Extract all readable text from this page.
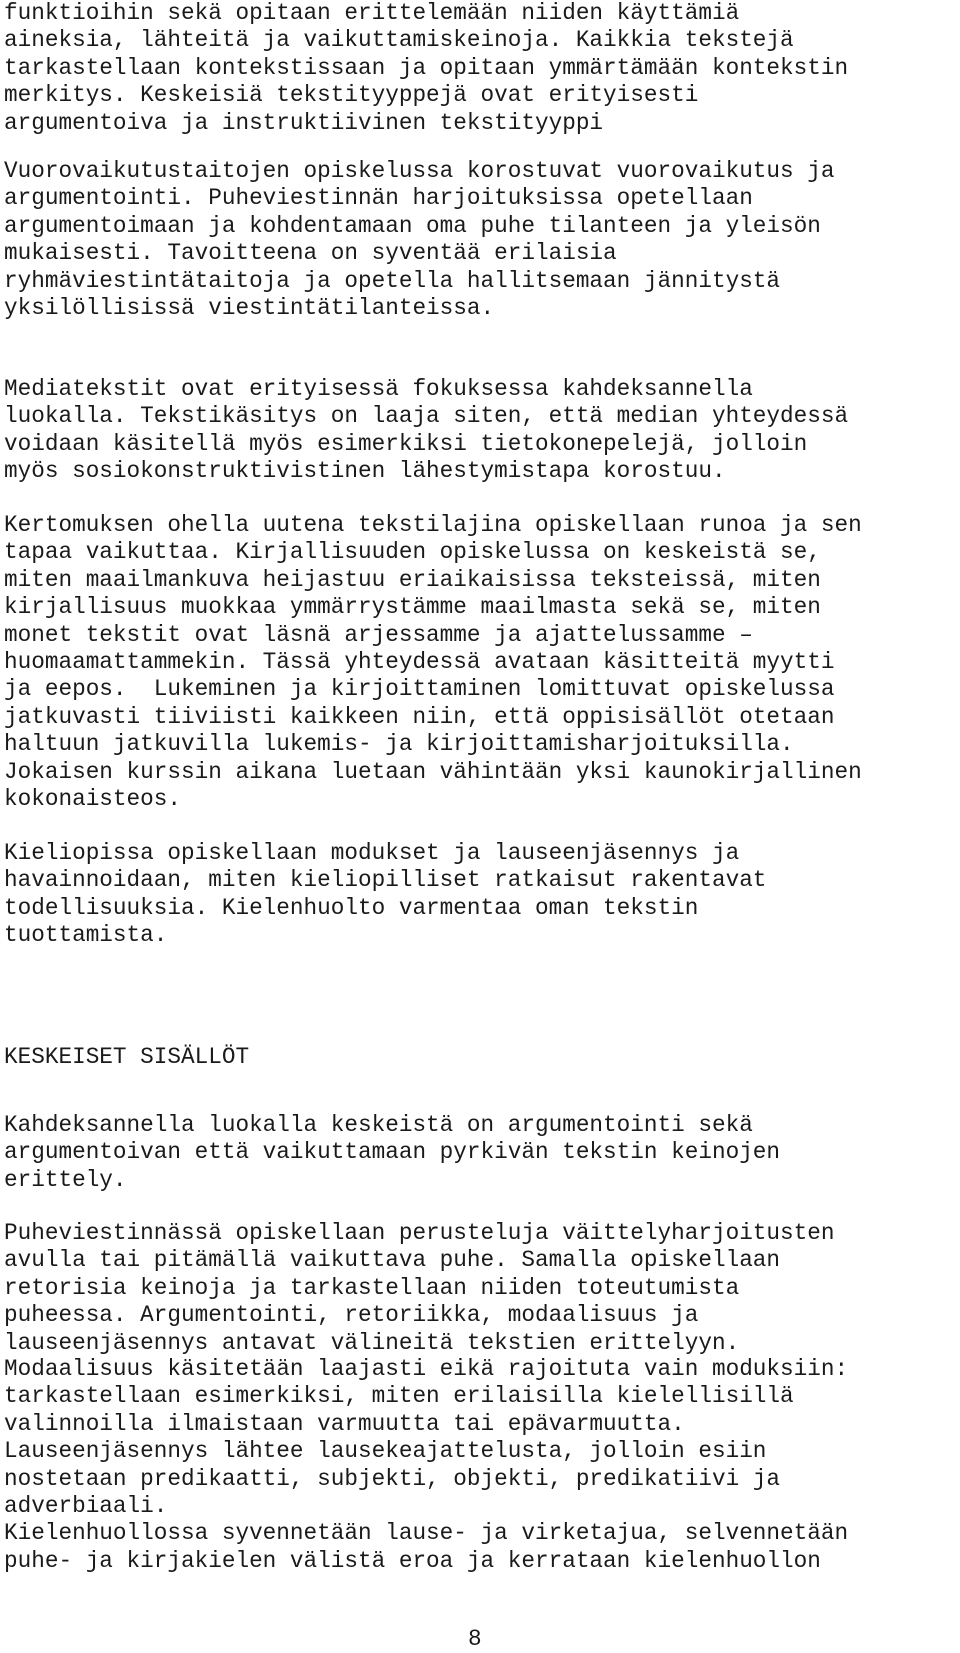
funktioihin sekä opitaan erittelemään niiden käyttämiä
aineksia, lähteitä ja vaikuttamiskeinoja. Kaikkia tekstejä
tarkastellaan kontekstissaan ja opitaan ymmärtämään kontekstin
merkitys. Keskeisiä tekstityyppejä ovat erityisesti
argumentoiva ja instruktiivinen tekstityyppi

Vuorovaikutustaitojen opiskelussa korostuvat vuorovaikutus ja
argumentointi. Puheviestinnän harjoituksissa opetellaan
argumentoimaan ja kohdentamaan oma puhe tilanteen ja yleisön
mukaisesti. Tavoitteena on syventää erilaisia
ryhmäviestintätaitoja ja opetella hallitsemaan jännitystä
yksilöllisissä viestintätilanteissa.

Mediatekstit ovat erityisessä fokuksessa kahdeksannella
luokalla. Tekstikäsitys on laaja siten, että median yhteydessä
voidaan käsitellä myös esimerkiksi tietokonepelejä, jolloin
myös sosiokonstruktivistinen lähestymistapa korostuu.

Kertomuksen ohella uutena tekstilajina opiskellaan runoa ja sen
tapaa vaikuttaa. Kirjallisuuden opiskelussa on keskeistä se,
miten maailmankuva heijastuu eriaikaisissa teksteissä, miten
kirjallisuus muokkaa ymmärrystämme maailmasta sekä se, miten
monet tekstit ovat läsnä arjessamme ja ajattelussamme –
huomaamattammekin. Tässä yhteydessä avataan käsitteitä myytti
ja eepos.  Lukeminen ja kirjoittaminen lomittuvat opiskelussa
jatkuvasti tiiviisti kaikkeen niin, että oppisisällöt otetaan
haltuun jatkuvilla lukemis- ja kirjoittamisharjoituksilla.
Jokaisen kurssin aikana luetaan vähintään yksi kaunokirjallinen
kokonaisteos.

Kieliopissa opiskellaan modukset ja lauseenjäsennys ja
havainnoidaan, miten kieliopilliset ratkaisut rakentavat
todellisuuksia. Kielenhuolto varmentaa oman tekstin
tuottamista.

KESKEISET SISÄLLÖT

Kahdeksannella luokalla keskeistä on argumentointi sekä
argumentoivan että vaikuttamaan pyrkivän tekstin keinojen
erittely.

Puheviestinnässä opiskellaan perusteluja väittelyharjoitusten
avulla tai pitämällä vaikuttava puhe. Samalla opiskellaan
retorisia keinoja ja tarkastellaan niiden toteutumista
puheessa. Argumentointi, retoriikka, modaalisuus ja
lauseenjäsennys antavat välineitä tekstien erittelyyn.

Modaalisuus käsitetään laajasti eikä rajoituta vain moduksiin:
tarkastellaan esimerkiksi, miten erilaisilla kielellisillä
valinnoilla ilmaistaan varmuutta tai epävarmuutta.
Lauseenjäsennys lähtee lausekeajattelusta, jolloin esiin
nostetaan predikaatti, subjekti, objekti, predikatiivi ja
adverbiaali.
Kielenhuollossa syvennetään lause- ja virketajua, selvennetään
puhe- ja kirjakielen välistä eroa ja kerrataan kielenhuollon

8
